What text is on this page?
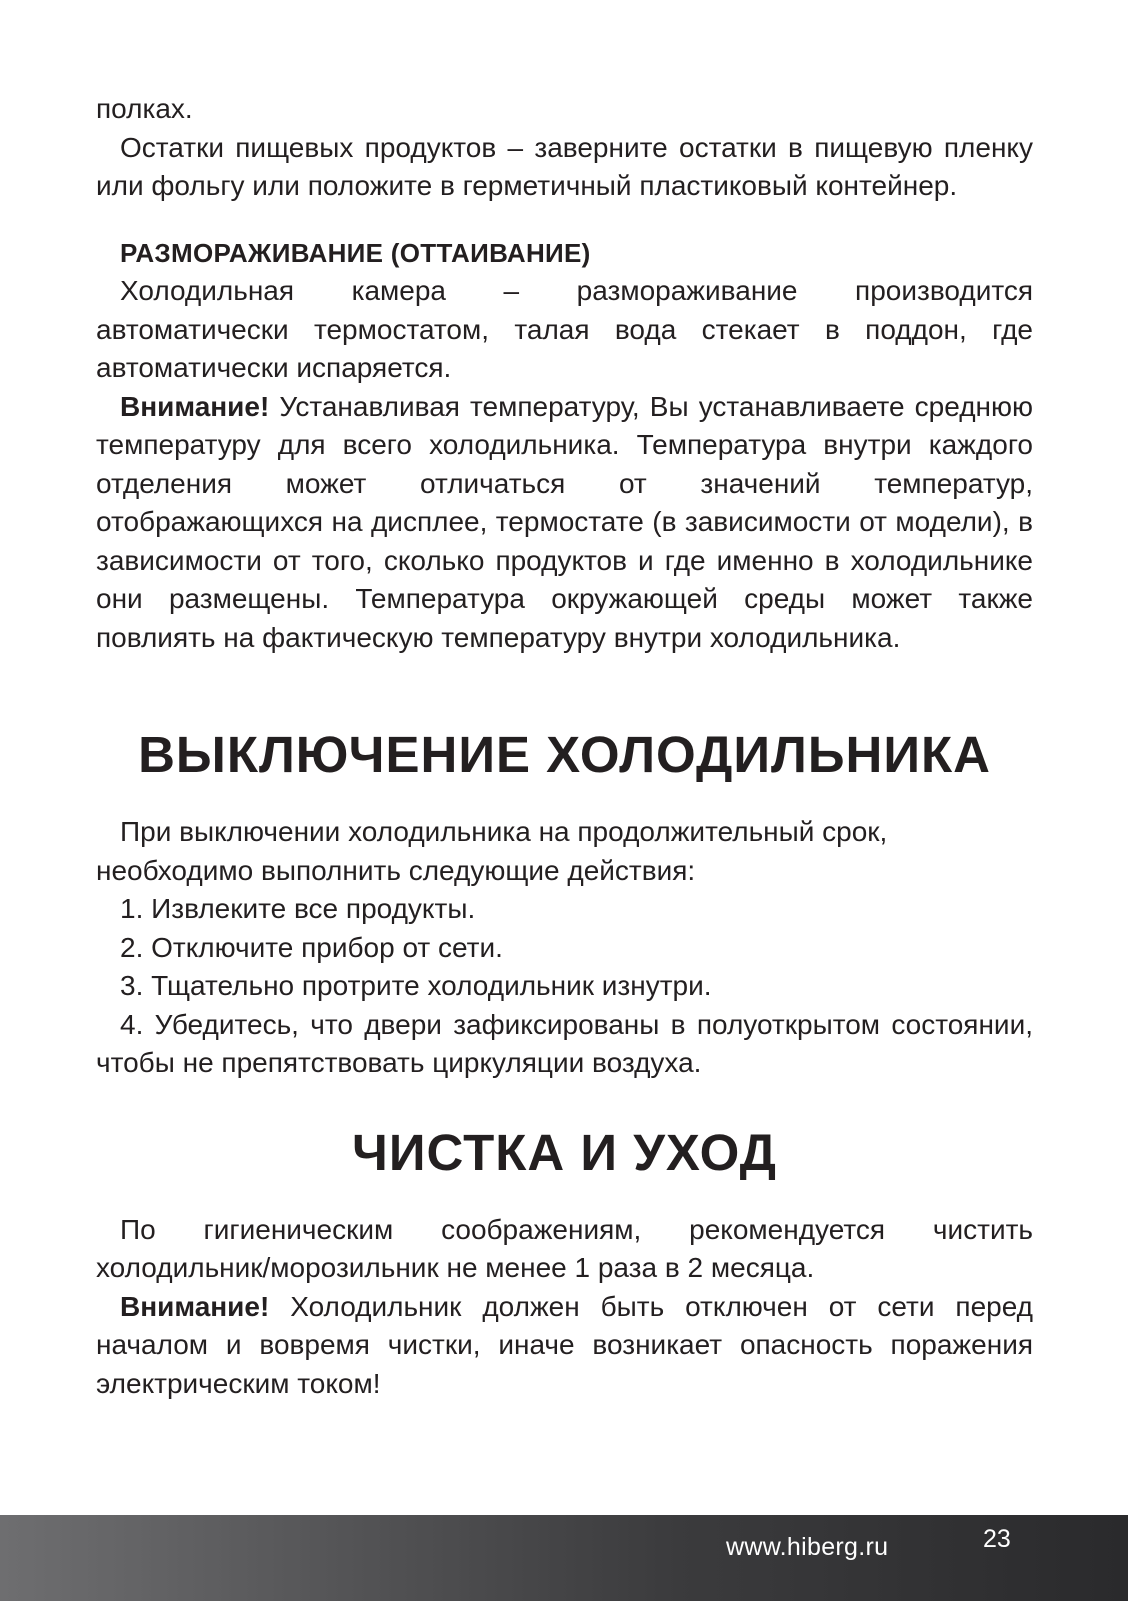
полках.

Остатки пищевых продуктов – заверните остатки в пищевую пленку или фольгу или положите в герметичный пластиковый контейнер.

РАЗМОРАЖИВАНИЕ (ОТТАИВАНИЕ)

Холодильная камера – размораживание производится автоматически термостатом, талая вода стекает в поддон, где автоматически испаряется.

Внимание! Устанавливая температуру, Вы устанавливаете среднюю температуру для всего холодильника. Температура внутри каждого отделения может отличаться от значений температур, отображающихся на дисплее, термостате (в зависимости от модели), в зависимости от того, сколько продуктов и где именно в холодильнике они размещены. Температура окружающей среды может также повлиять на фактическую температуру внутри холодильника.

ВЫКЛЮЧЕНИЕ ХОЛОДИЛЬНИКА

При выключении холодильника на продолжительный срок, необходимо выполнить следующие действия:

1. Извлеките все продукты.
2. Отключите прибор от сети.
3. Тщательно протрите холодильник изнутри.

4. Убедитесь, что двери зафиксированы в полуоткрытом состоянии, чтобы не препятствовать циркуляции воздуха.

ЧИСТКА И УХОД

По гигиеническим соображениям, рекомендуется чистить холодильник/морозильник не менее 1 раза в 2 месяца.

Внимание! Холодильник должен быть отключен от сети перед началом и вовремя чистки, иначе возникает опасность поражения электрическим током!

www.hiberg.ru	23
